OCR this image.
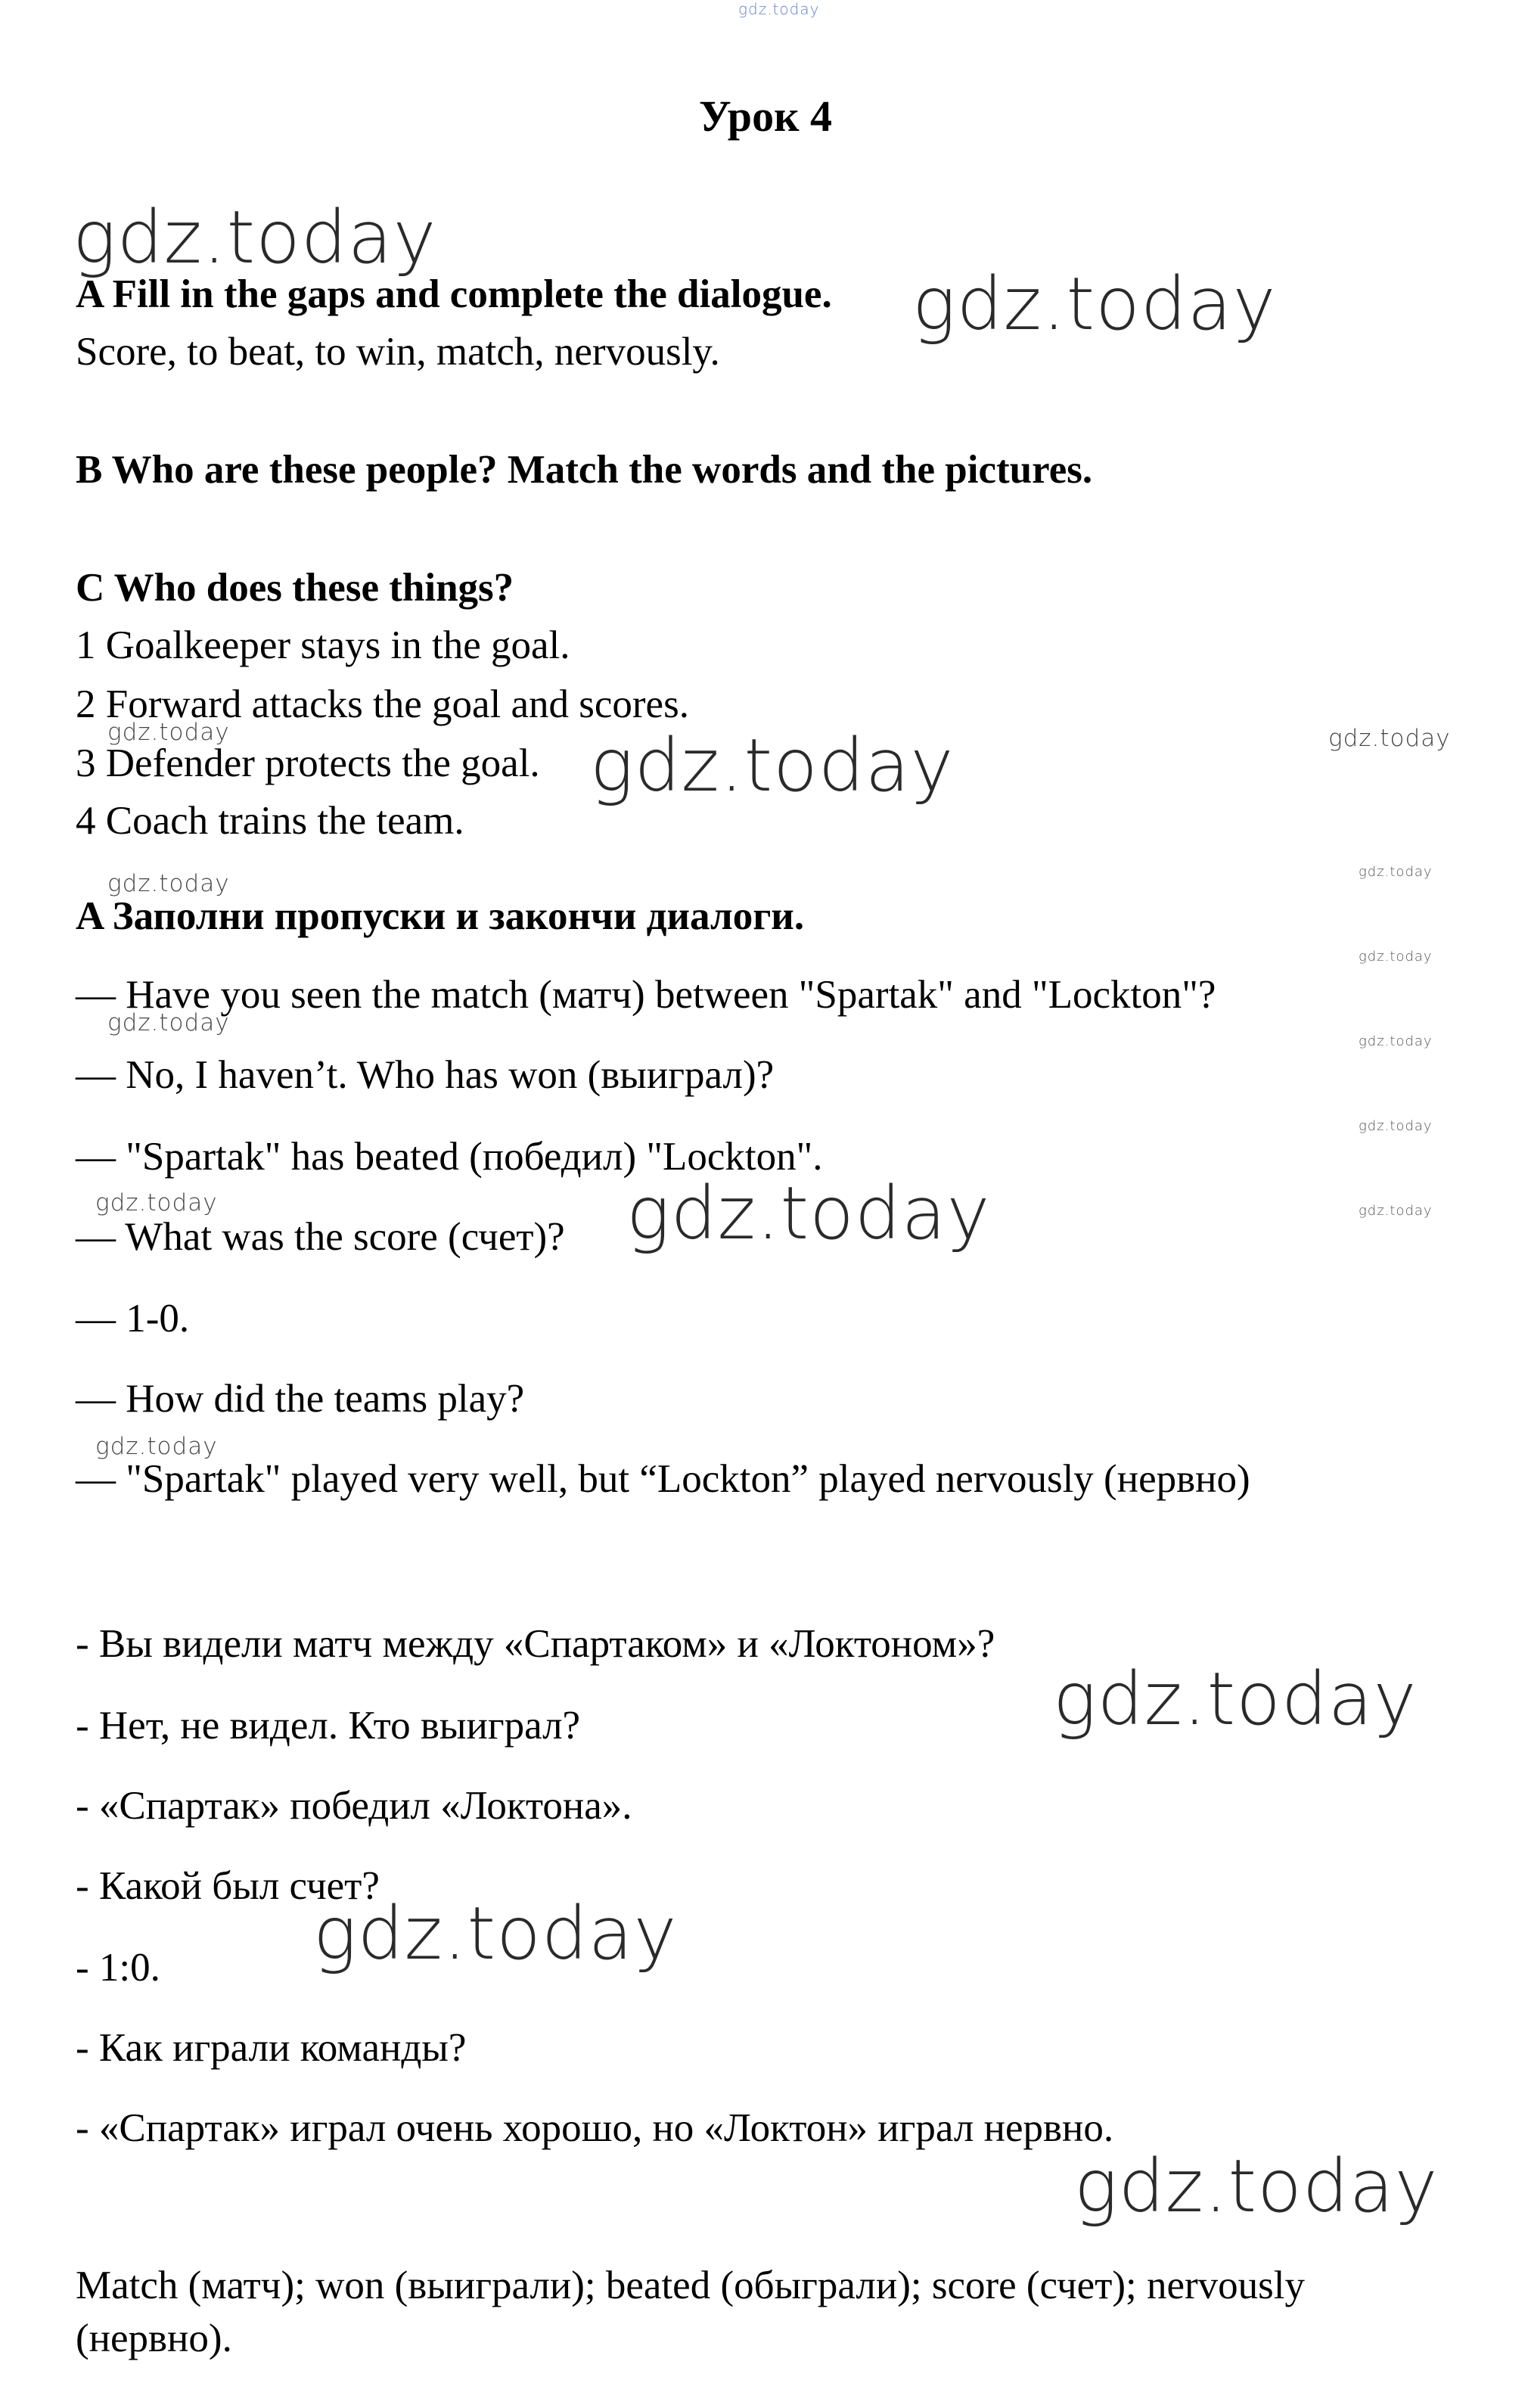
gdz.today
Урок 4
gdz.today
A Fill in the gaps and complete the dialogue. gdz.today
Score, to beat, to win, match, nervously.
B Who are these people? Match the words and the pictures.
C Who does these things?
1 Goalkeeper stays in the goal.
2 Forward attacks the goal and scores.
gdz.today	gdz.today
3 Defender protects the goal. gdz.today
4 Coach trains the team.
gdz.today	gdz.today
A Заполни пропуски и закончи диалоги.
gdz.today
— Have you seen the match (матч) between "Spartak" and "Lockton"?
gdz.today
gdz.today
— No, I haven’t. Who has won (выиграл)?
gdz.today
— "Spartak" has beated (победил) "Lockton".
gdz.today	gdz.today
— What was the score (счет)? gdz.today
— 1-0.
— How did the teams play?
gdz.today
— "Spartak" played very well, but “Lockton” played nervously (нервно)
- Вы видели матч между «Спартаком» и «Локтоном»?
gdz.today
- Нет, не видел. Кто выиграл?
- «Спартак» победил «Локтона».
- Какой был счет?
gdz.today
- 1:0.
- Как играли команды?
- «Спартак» играл очень хорошо, но «Локтон» играл нервно.
gdz.today
Match (матч); won (выиграли); beated (обыграли); score (счет); nervously
(нервно).
